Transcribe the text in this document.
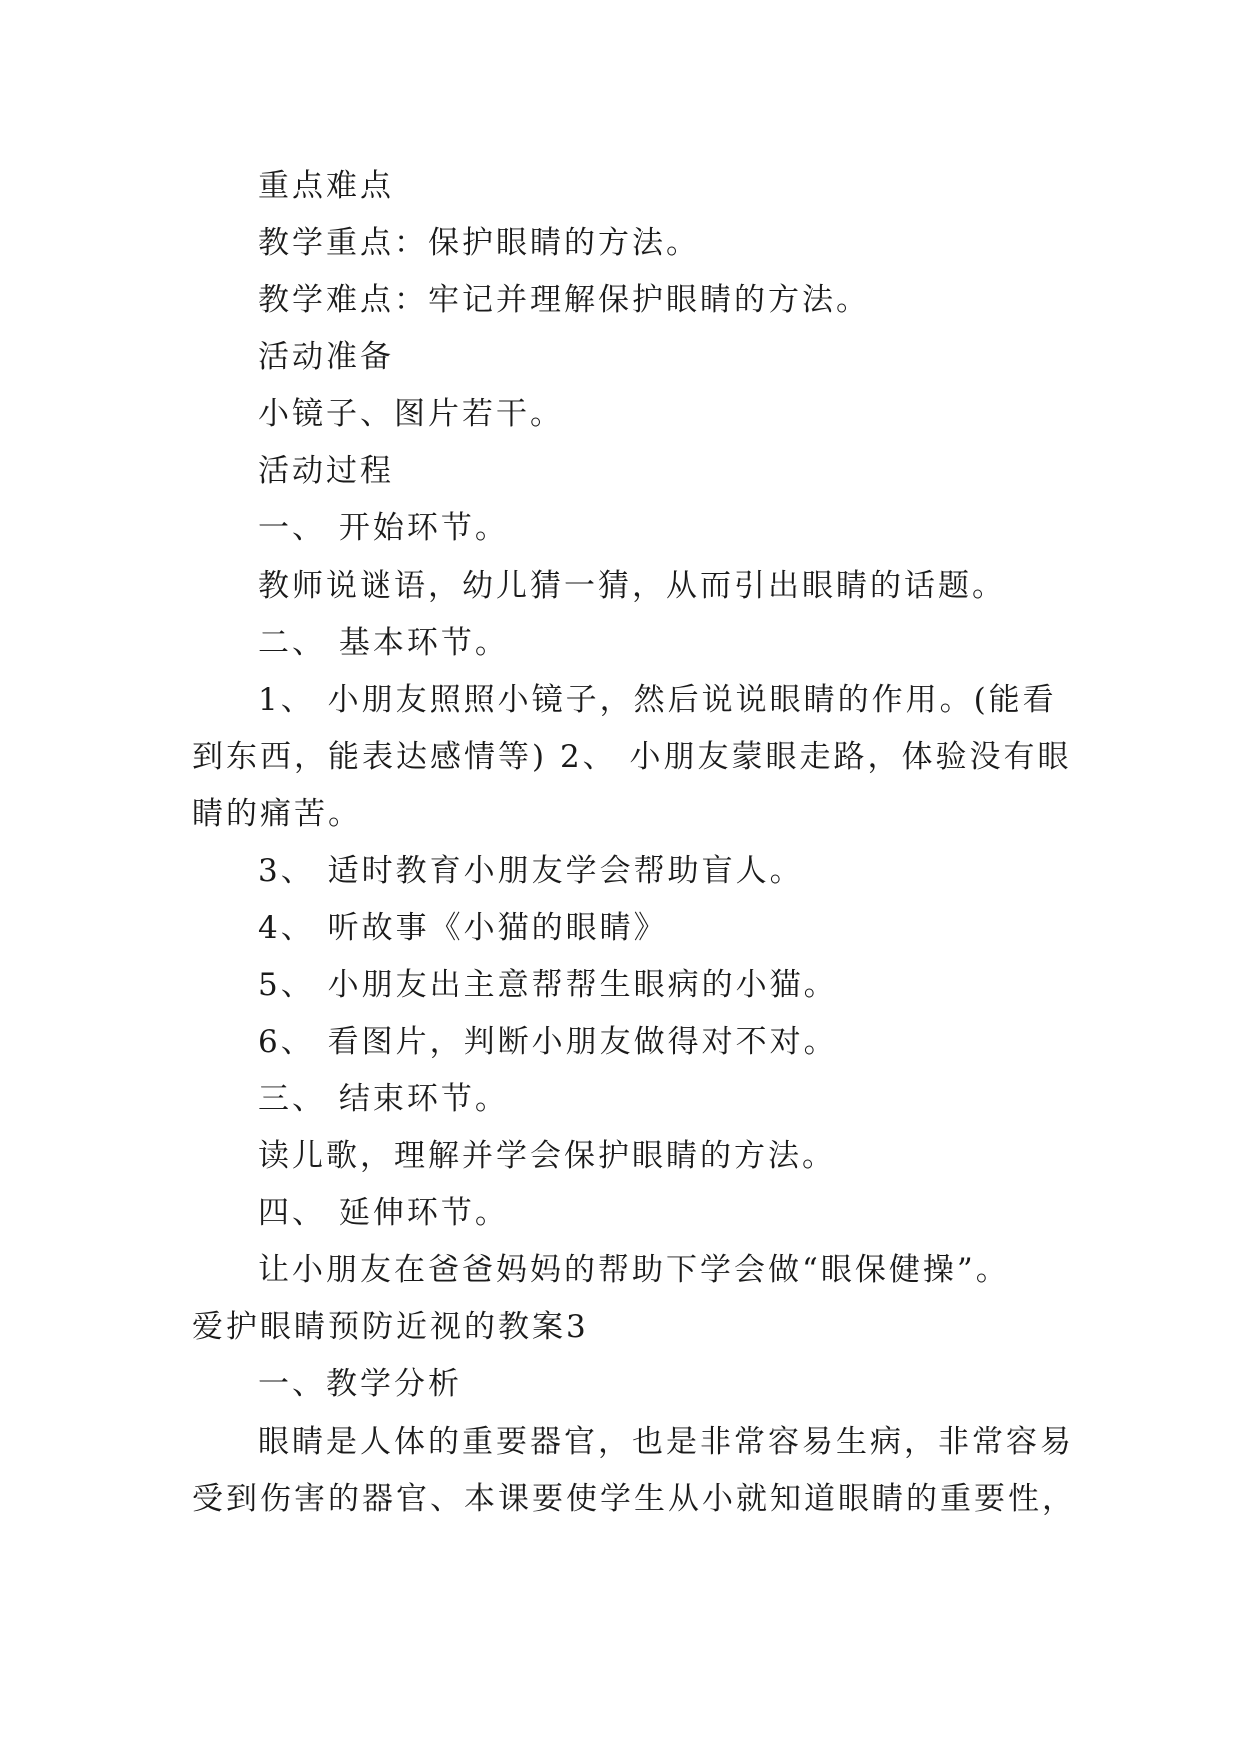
重点难点
教学重点：保护眼睛的方法。
教学难点：牢记并理解保护眼睛的方法。
活动准备
小镜子、图片若干。
活动过程
一、 开始环节。
教师说谜语，幼儿猜一猜，从而引出眼睛的话题。
二、 基本环节。
1、 小朋友照照小镜子，然后说说眼睛的作用。(能看
到东西，能表达感情等) 2、 小朋友蒙眼走路，体验没有眼
睛的痛苦。
3、 适时教育小朋友学会帮助盲人。
4、 听故事《小猫的眼睛》
5、 小朋友出主意帮帮生眼病的小猫。
6、 看图片，判断小朋友做得对不对。
三、 结束环节。
读儿歌，理解并学会保护眼睛的方法。
四、 延伸环节。
让小朋友在爸爸妈妈的帮助下学会做“眼保健操”。
爱护眼睛预防近视的教案3
一、教学分析
眼睛是人体的重要器官，也是非常容易生病，非常容易
受到伤害的器官、本课要使学生从小就知道眼睛的重要性，
